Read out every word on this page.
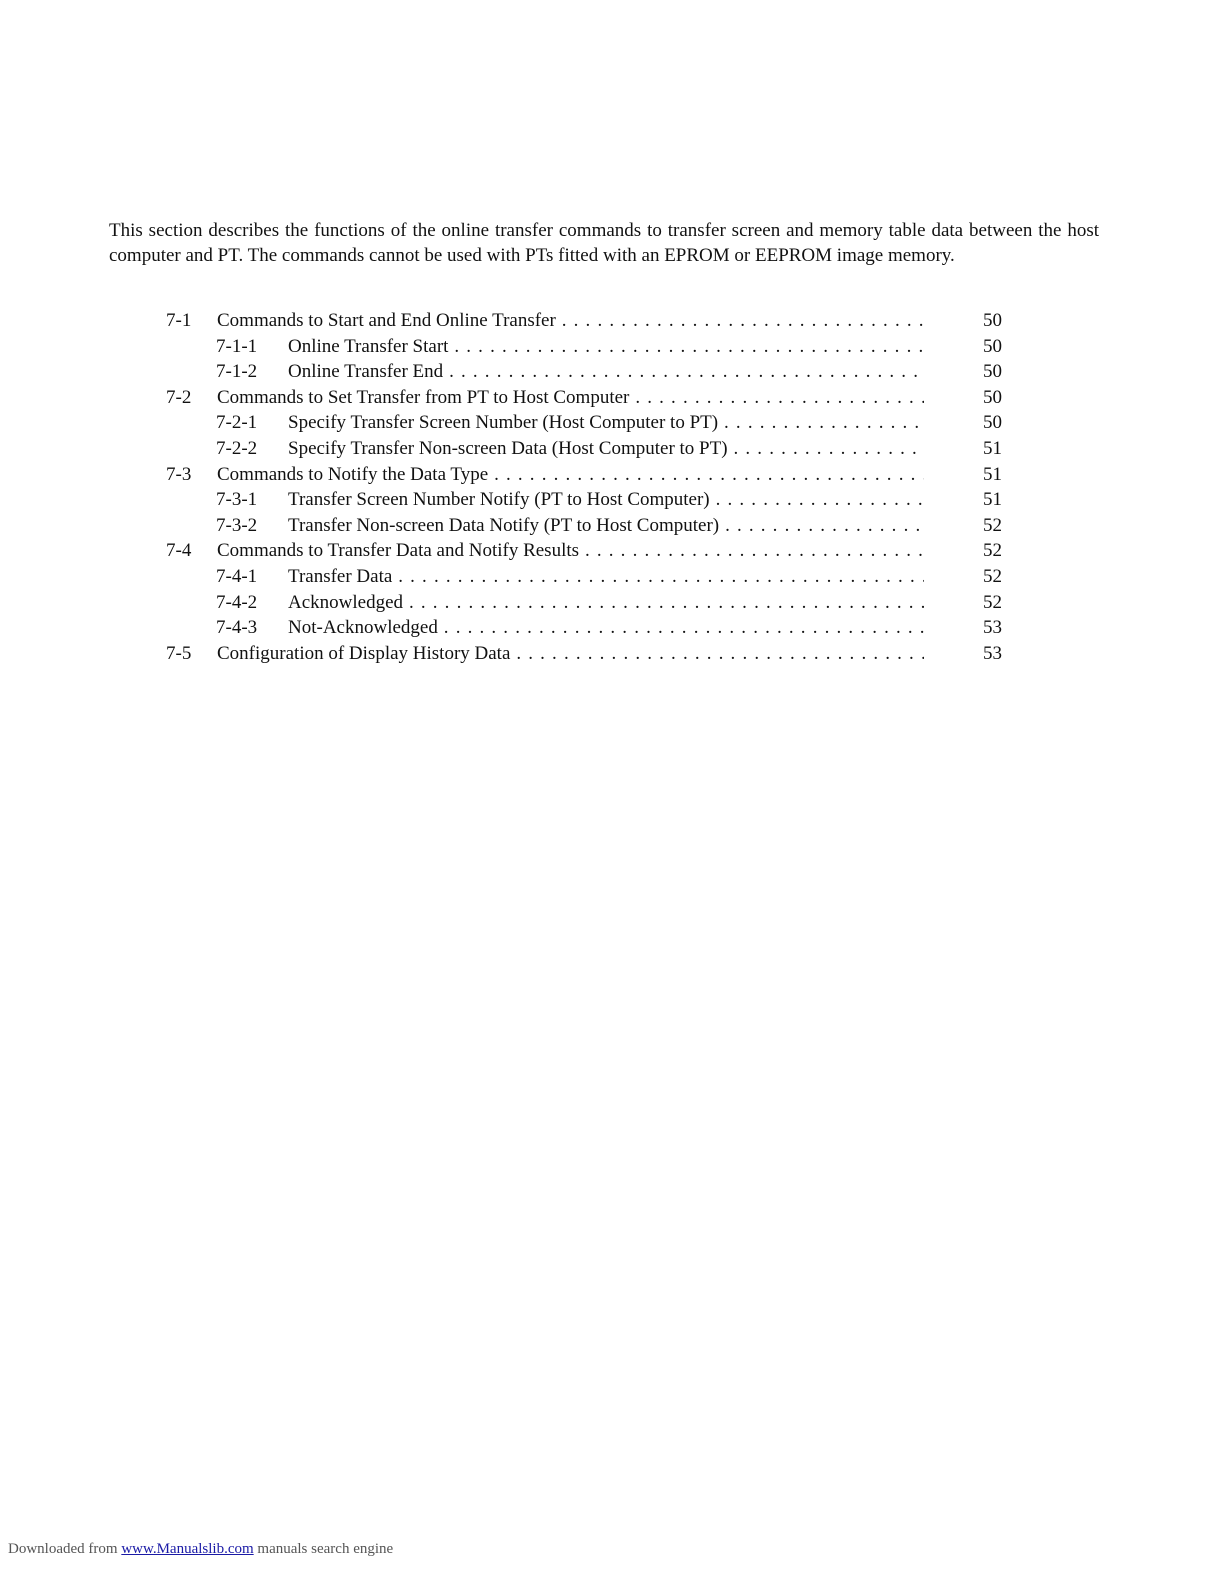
This section describes the functions of the online transfer commands to transfer screen and memory table data between the host computer and PT. The commands cannot be used with PTs fitted with an EPROM or EEPROM image memory.

7-1 Commands to Start and End Online Transfer . . .	50
7-1-1 Online Transfer Start . . .	50
7-1-2 Online Transfer End . . .	50
7-2 Commands to Set Transfer from PT to Host Computer . . .	50
7-2-1 Specify Transfer Screen Number (Host Computer to PT) . . .	50
7-2-2 Specify Transfer Non-screen Data (Host Computer to PT) . . .	51
7-3 Commands to Notify the Data Type . . .	51
7-3-1 Transfer Screen Number Notify (PT to Host Computer) . . .	51
7-3-2 Transfer Non-screen Data Notify (PT to Host Computer) . . .	52
7-4 Commands to Transfer Data and Notify Results . . .	52
7-4-1 Transfer Data . . .	52
7-4-2 Acknowledged . . .	52
7-4-3 Not-Acknowledged . . .	53
7-5 Configuration of Display History Data . . .	53
Downloaded from www.Manualslib.com manuals search engine
